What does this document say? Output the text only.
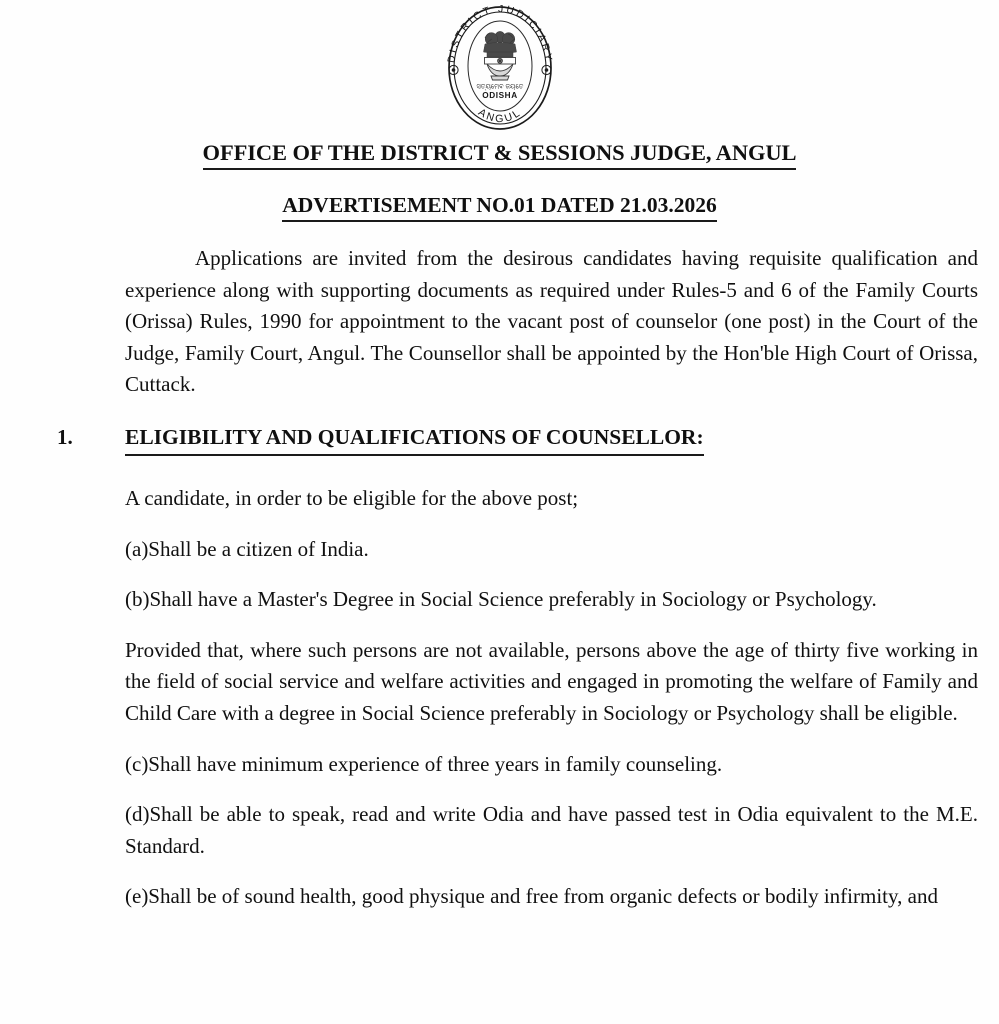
DISTRICT JUDICIARY
ANGUL
ସତ୍ୟମେବ ଜୟତେ
ODISHA
OFFICE OF THE DISTRICT & SESSIONS JUDGE, ANGUL
ADVERTISEMENT NO.01 DATED 21.03.2026

Applications are invited from the desirous candidates having requisite qualification and experience along with supporting documents as required under Rules-5 and 6 of the Family Courts (Orissa) Rules, 1990 for appointment to the vacant post of counselor (one post) in the Court of the Judge, Family Court, Angul. The Counsellor shall be appointed by the Hon'ble High Court of Orissa, Cuttack.

1. ELIGIBILITY AND QUALIFICATIONS OF COUNSELLOR:

A candidate, in order to be eligible for the above post;

(a)Shall be a citizen of India.

(b)Shall have a Master's Degree in Social Science preferably in Sociology or Psychology.

Provided that, where such persons are not available, persons above the age of thirty five working in the field of social service and welfare activities and engaged in promoting the welfare of Family and Child Care with a degree in Social Science preferably in Sociology or Psychology shall be eligible.

(c)Shall have minimum experience of three years in family counseling.

(d)Shall be able to speak, read and write Odia and have passed test in Odia equivalent to the M.E. Standard.

(e)Shall be of sound health, good physique and free from organic defects or bodily infirmity, and
